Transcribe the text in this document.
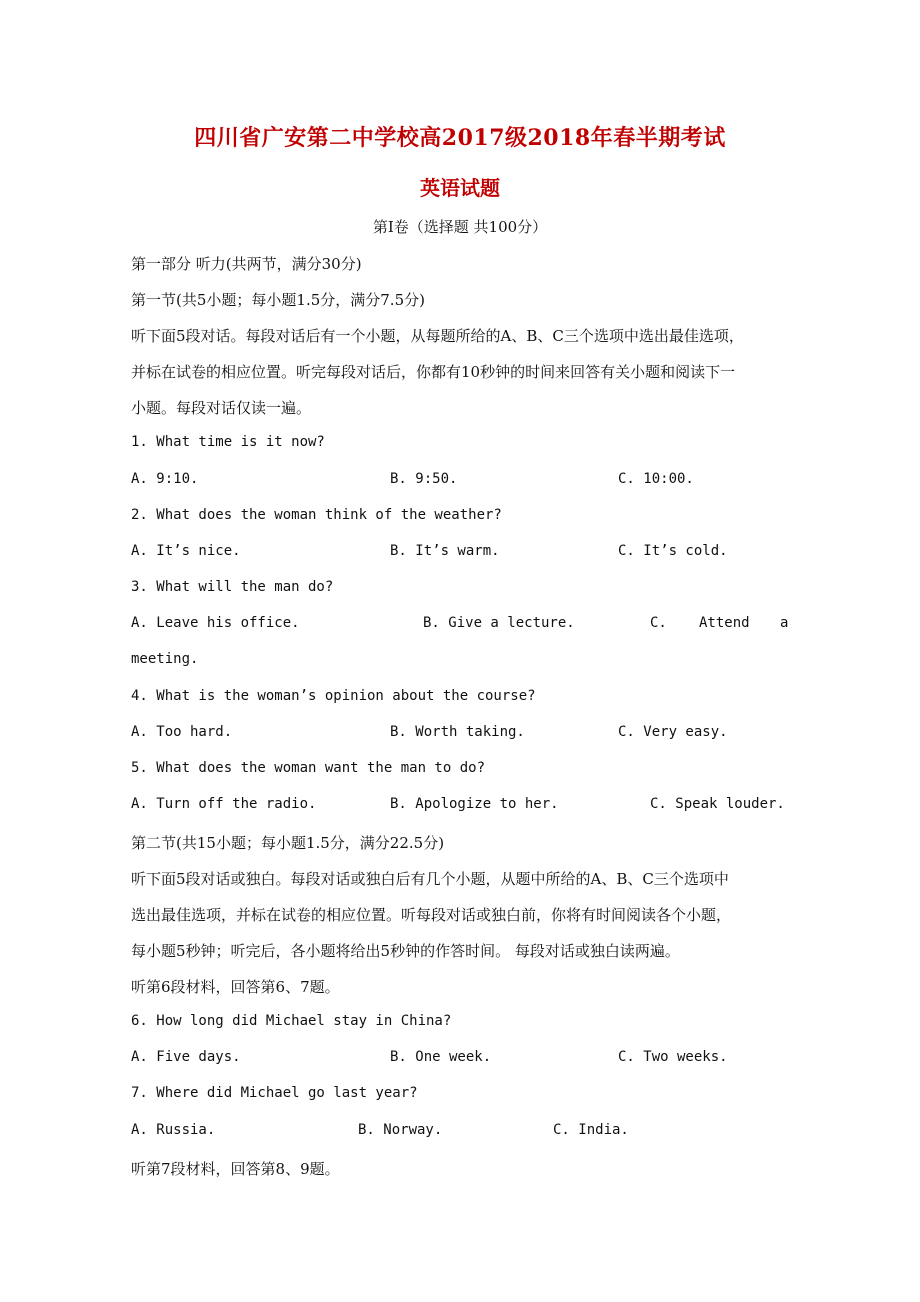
四川省广安第二中学校高2017级2018年春半期考试
英语试题
第Ⅰ卷（选择题 共100分）
第一部分 听力(共两节，满分30分)
第一节(共5小题；每小题1.5分，满分7.5分)
听下面5段对话。每段对话后有一个小题，从每题所给的A、B、C三个选项中选出最佳选项，
并标在试卷的相应位置。听完每段对话后，你都有10秒钟的时间来回答有关小题和阅读下一
小题。每段对话仅读一遍。
1. What time is it now?
A. 9:10.	B. 9:50.	C. 10:00.
2. What does the woman think of the weather?
A. It’s nice.	B. It’s warm.	C. It’s cold.
3. What will the man do?
A. Leave his office.	B. Give a lecture.	C. Attend a
meeting.
4. What is the woman’s opinion about the course?
A. Too hard.	B. Worth taking.	C. Very easy.
5. What does the woman want the man to do?
A. Turn off the radio.	B. Apologize to her.	C. Speak louder.
第二节(共15小题；每小题1.5分，满分22.5分)
听下面5段对话或独白。每段对话或独白后有几个小题，从题中所给的A、B、C三个选项中
选出最佳选项，并标在试卷的相应位置。听每段对话或独白前，你将有时间阅读各个小题，
每小题5秒钟；听完后，各小题将给出5秒钟的作答时间。 每段对话或独白读两遍。
听第6段材料，回答第6、7题。
6. How long did Michael stay in China?
A. Five days.	B. One week.	C. Two weeks.
7. Where did Michael go last year?
A. Russia.	B. Norway.	C. India.
听第7段材料，回答第8、9题。
